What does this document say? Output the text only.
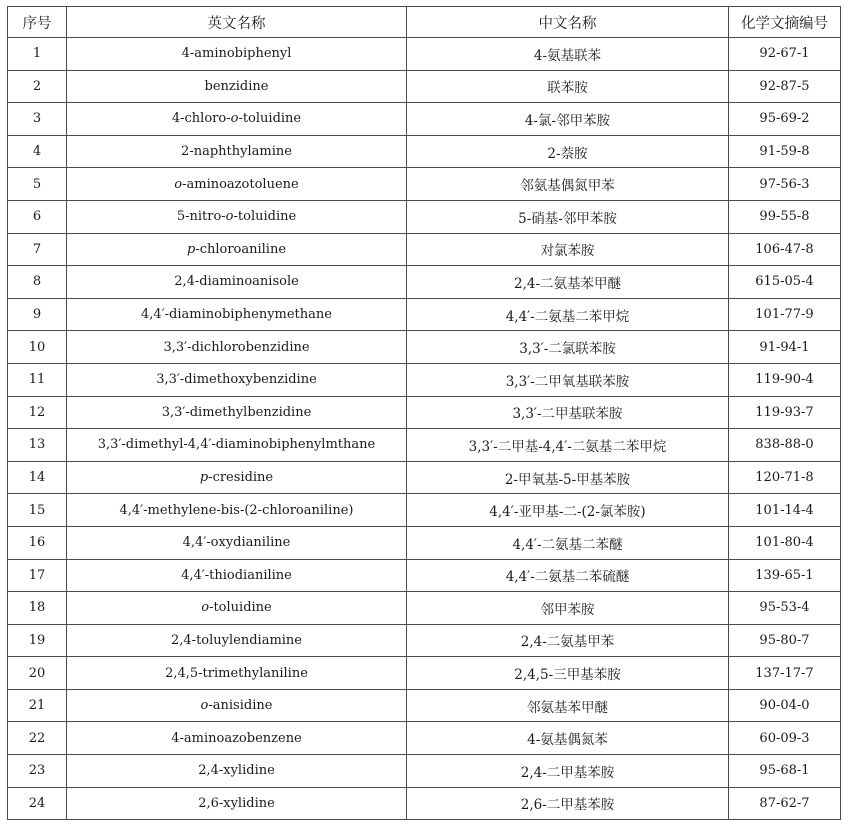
序号	英文名称	中文名称	化学文摘编号
1	4-aminobiphenyl	4-氨基联苯	92-67-1
2	benzidine	联苯胺	92-87-5
3	4-chloro-o-toluidine	4-氯-邻甲苯胺	95-69-2
4	2-naphthylamine	2-萘胺	91-59-8
5	o-aminoazotoluene	邻氨基偶氮甲苯	97-56-3
6	5-nitro-o-toluidine	5-硝基-邻甲苯胺	99-55-8
7	p-chloroaniline	对氯苯胺	106-47-8
8	2,4-diaminoanisole	2,4-二氨基苯甲醚	615-05-4
9	4,4′-diaminobiphenymethane	4,4′-二氨基二苯甲烷	101-77-9
10	3,3′-dichlorobenzidine	3,3′-二氯联苯胺	91-94-1
11	3,3′-dimethoxybenzidine	3,3′-二甲氧基联苯胺	119-90-4
12	3,3′-dimethylbenzidine	3,3′-二甲基联苯胺	119-93-7
13	3,3′-dimethyl-4,4′-diaminobiphenylmthane	3,3′-二甲基-4,4′-二氨基二苯甲烷	838-88-0
14	p-cresidine	2-甲氧基-5-甲基苯胺	120-71-8
15	4,4′-methylene-bis-(2-chloroaniline)	4,4′-亚甲基-二-(2-氯苯胺)	101-14-4
16	4,4′-oxydianiline	4,4′-二氨基二苯醚	101-80-4
17	4,4′-thiodianiline	4,4′-二氨基二苯硫醚	139-65-1
18	o-toluidine	邻甲苯胺	95-53-4
19	2,4-toluylendiamine	2,4-二氨基甲苯	95-80-7
20	2,4,5-trimethylaniline	2,4,5-三甲基苯胺	137-17-7
21	o-anisidine	邻氨基苯甲醚	90-04-0
22	4-aminoazobenzene	4-氨基偶氮苯	60-09-3
23	2,4-xylidine	2,4-二甲基苯胺	95-68-1
24	2,6-xylidine	2,6-二甲基苯胺	87-62-7
